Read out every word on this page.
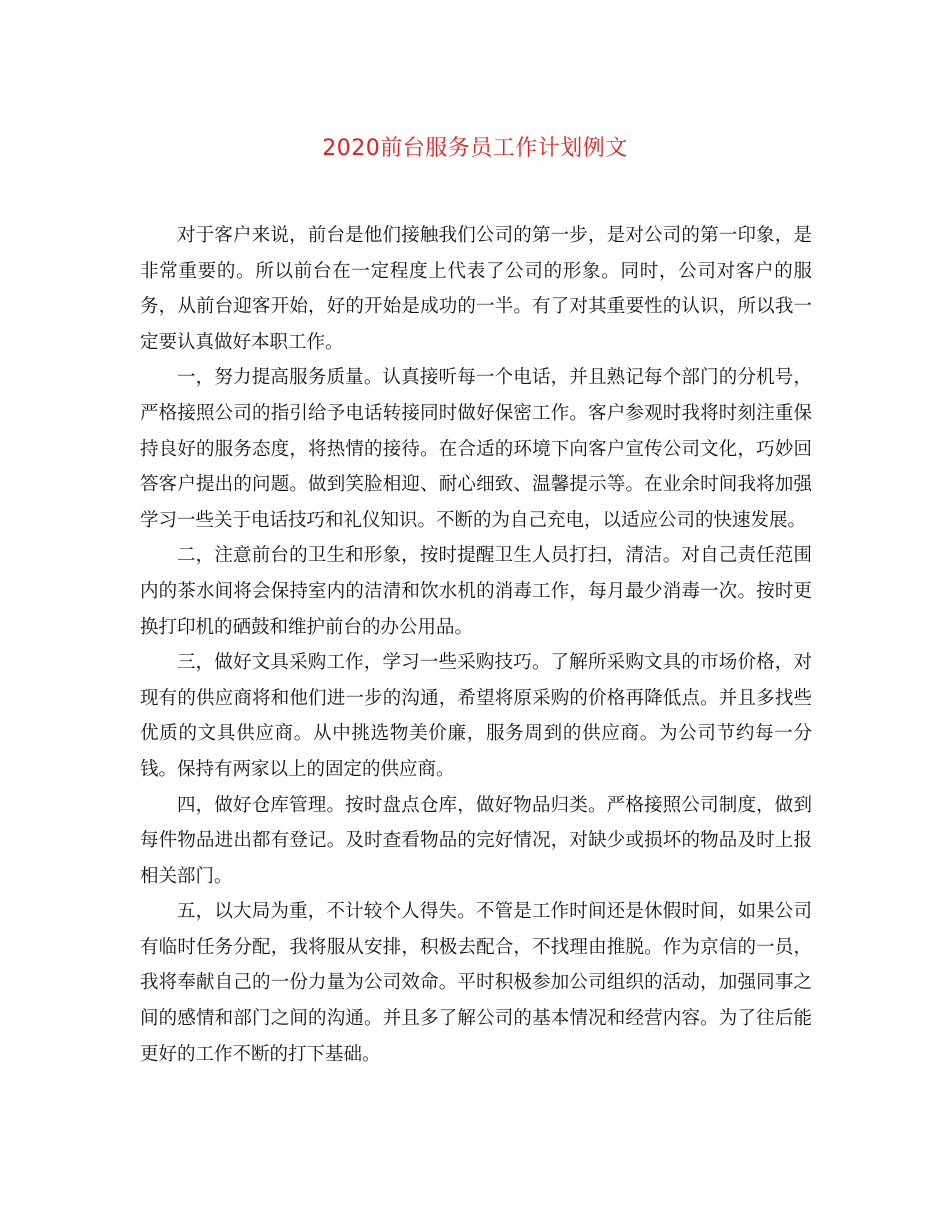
2020前台服务员工作计划例文

对于客户来说，前台是他们接触我们公司的第一步，是对公司的第一印象，是非常重要的。所以前台在一定程度上代表了公司的形象。同时，公司对客户的服务，从前台迎客开始，好的开始是成功的一半。有了对其重要性的认识，所以我一定要认真做好本职工作。

一，努力提高服务质量。认真接听每一个电话，并且熟记每个部门的分机号，严格接照公司的指引给予电话转接同时做好保密工作。客户参观时我将时刻注重保持良好的服务态度，将热情的接待。在合适的环境下向客户宣传公司文化，巧妙回答客户提出的问题。做到笑脸相迎、耐心细致、温馨提示等。在业余时间我将加强学习一些关于电话技巧和礼仪知识。不断的为自己充电，以适应公司的快速发展。

二，注意前台的卫生和形象，按时提醒卫生人员打扫，清洁。对自己责任范围内的茶水间将会保持室内的洁清和饮水机的消毒工作，每月最少消毒一次。按时更换打印机的硒鼓和维护前台的办公用品。

三，做好文具采购工作，学习一些采购技巧。了解所采购文具的市场价格，对现有的供应商将和他们进一步的沟通，希望将原采购的价格再降低点。并且多找些优质的文具供应商。从中挑选物美价廉，服务周到的供应商。为公司节约每一分钱。保持有两家以上的固定的供应商。

四，做好仓库管理。按时盘点仓库，做好物品归类。严格接照公司制度，做到每件物品进出都有登记。及时查看物品的完好情况，对缺少或损坏的物品及时上报相关部门。

五，以大局为重，不计较个人得失。不管是工作时间还是休假时间，如果公司有临时任务分配，我将服从安排，积极去配合，不找理由推脱。作为京信的一员，我将奉献自己的一份力量为公司效命。平时积极参加公司组织的活动，加强同事之间的感情和部门之间的沟通。并且多了解公司的基本情况和经营内容。为了往后能更好的工作不断的打下基础。
